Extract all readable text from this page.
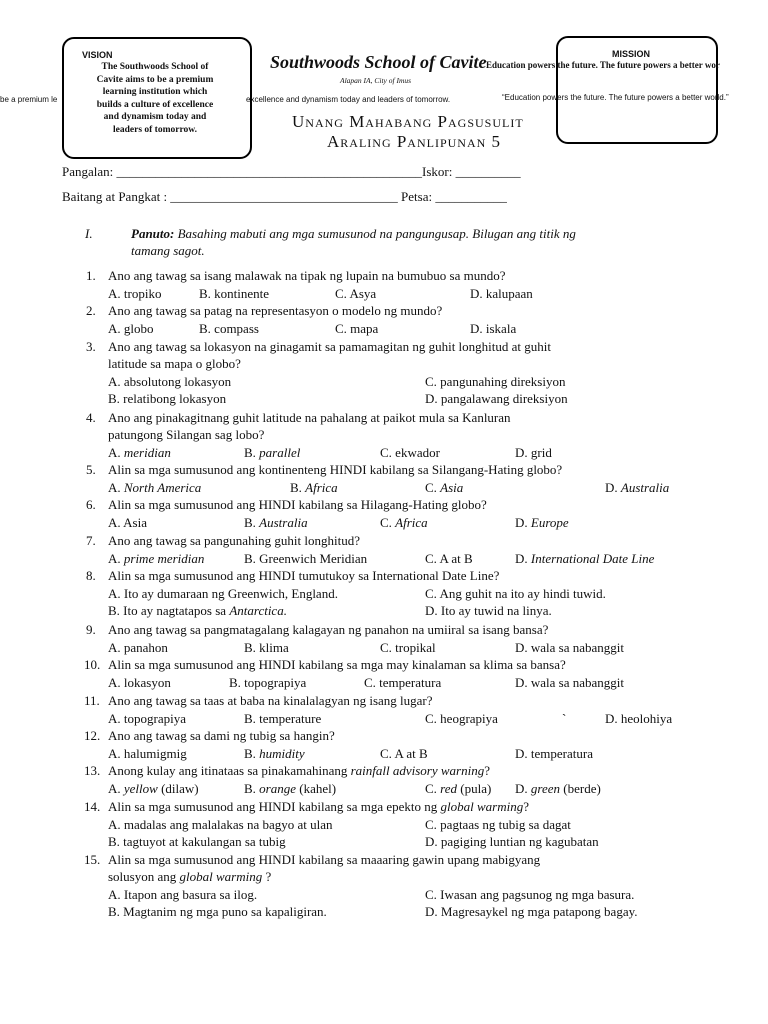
VISION
The Southwoods School of
Cavite aims to be a premium
learning institution which
builds a culture of excellence
and dynamism today and
leaders of tomorrow.
be a premium le	excellence and dynamism today and leaders of tomorrow.
MISSION
Education powers the future. The future powers a better wor
“Education powers the future. The future powers a better world.”
Southwoods School of Cavite
Alapan IA, City of Imus
Unang Mahabang Pagsusulit
Araling Panlipunan 5
Pangalan: _______________________________________________Iskor: __________
Baitang at Pangkat : ___________________________________ Petsa: ___________
I.	Panuto: Basahing mabuti ang mga sumusunod na pangungusap. Bilugan ang titik ng
tamang sagot.
1. Ano ang tawag sa isang malawak na tipak ng lupain na bumubuo sa mundo?
A. tropiko	B. kontinente	C. Asya	D. kalupaan
2. Ano ang tawag sa patag na representasyon o modelo ng mundo?
A. globo	B. compass	C. mapa	D. iskala
3. Ano ang tawag sa lokasyon na ginagamit sa pamamagitan ng guhit longhitud at guhit
latitude sa mapa o globo?
A. absolutong lokasyon	C. pangunahing direksiyon
B. relatibong lokasyon	D. pangalawang direksiyon
4. Ano ang pinakagitnang guhit latitude na pahalang at paikot mula sa Kanluran
patungong Silangan sag lobo?
A. meridian	B. parallel	C. ekwador	D. grid
5. Alin sa mga sumusunod ang kontinenteng HINDI kabilang sa Silangang-Hating globo?
A. North America	B. Africa	C. Asia	D. Australia
6. Alin sa mga sumusunod ang HINDI kabilang sa Hilagang-Hating globo?
A. Asia	B. Australia	C. Africa	D. Europe
7. Ano ang tawag sa pangunahing guhit longhitud?
A. prime meridian	B. Greenwich Meridian	C. A at B	D. International Date Line
8. Alin sa mga sumusunod ang HINDI tumutukoy sa International Date Line?
A. Ito ay dumaraan ng Greenwich, England.	C. Ang guhit na ito ay hindi tuwid.
B. Ito ay nagtatapos sa Antarctica.	D. Ito ay tuwid na linya.
9. Ano ang tawag sa pangmatagalang kalagayan ng panahon na umiiral sa isang bansa?
A. panahon	B. klima	C. tropikal	D. wala sa nabanggit
10. Alin sa mga sumusunod ang HINDI kabilang sa mga may kinalaman sa klima sa bansa?
A. lokasyon	B. topograpiya	C. temperatura	D. wala sa nabanggit
11. Ano ang tawag sa taas at baba na kinalalagyan ng isang lugar?
A. topograpiya	B. temperature	C. heograpiya	D. heolohiya
12. Ano ang tawag sa dami ng tubig sa hangin?
A. halumigmig	B. humidity	C. A at B	D. temperatura
13. Anong kulay ang itinataas sa pinakamahinang rainfall advisory warning?
A. yellow (dilaw)	B. orange (kahel)	C. red (pula) D. green (berde)
14. Alin sa mga sumusunod ang HINDI kabilang sa mga epekto ng global warming?
A. madalas ang malalakas na bagyo at ulan	C. pagtaas ng tubig sa dagat
B. tagtuyot at kakulangan sa tubig	D. pagiging luntian ng kagubatan
15. Alin sa mga sumusunod ang HINDI kabilang sa maaaring gawin upang mabigyang
solusyon ang global warming ?
A. Itapon ang basura sa ilog.	C. Iwasan ang pagsunog ng mga basura.
B. Magtanim ng mga puno sa kapaligiran.	D. Magresaykel ng mga patapong bagay.
`
